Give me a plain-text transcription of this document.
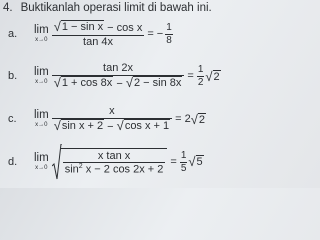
4. Buktikanlah operasi limit di bawah ini.
a.	lim
$x\to 0 \frac{\text{√ 1 − sin x − cos x}}{\tan 4x}$ = − $\frac{1}{8}$
b.	lim
$x\to 0 \frac{\tan 2x}{√ 1 + \cos 8x - √ 2 - \sin 8x} = \frac{1}{2}$ √ 2
c.	lim
$x\to 0 \frac{x}{\text{√ sin x + 2 − √ cos x + 1}} = 2$ √ 2
d.	lim
$x\to 0 \frac{\text{x tan x}}{\sin^2 x - 2 \cos 2x + 2} = \frac{1}{5}$ √ 5
